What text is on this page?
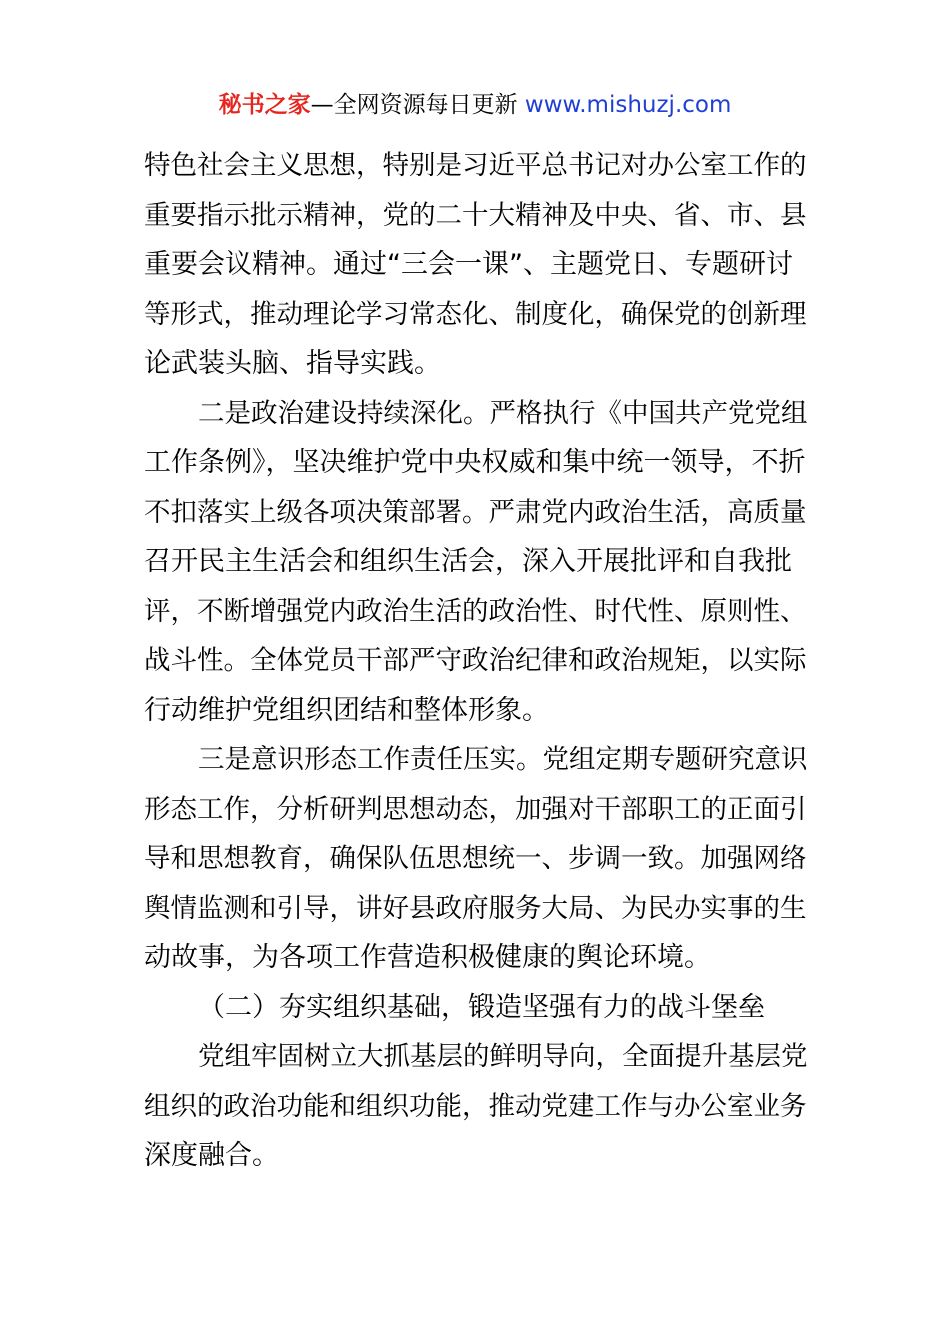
秘书之家—全网资源每日更新 www.mishuzj.com
特色社会主义思想，特别是习近平总书记对办公室工作的
重要指示批示精神，党的二十大精神及中央、省、市、县
重要会议精神。通过“三会一课”、主题党日、专题研讨
等形式，推动理论学习常态化、制度化，确保党的创新理
论武装头脑、指导实践。
二是政治建设持续深化。严格执行《中国共产党党组
工作条例》，坚决维护党中央权威和集中统一领导，不折
不扣落实上级各项决策部署。严肃党内政治生活，高质量
召开民主生活会和组织生活会，深入开展批评和自我批
评，不断增强党内政治生活的政治性、时代性、原则性、
战斗性。全体党员干部严守政治纪律和政治规矩，以实际
行动维护党组织团结和整体形象。
三是意识形态工作责任压实。党组定期专题研究意识
形态工作，分析研判思想动态，加强对干部职工的正面引
导和思想教育，确保队伍思想统一、步调一致。加强网络
舆情监测和引导，讲好县政府服务大局、为民办实事的生
动故事，为各项工作营造积极健康的舆论环境。
（二）夯实组织基础，锻造坚强有力的战斗堡垒
党组牢固树立大抓基层的鲜明导向，全面提升基层党
组织的政治功能和组织功能，推动党建工作与办公室业务
深度融合。
